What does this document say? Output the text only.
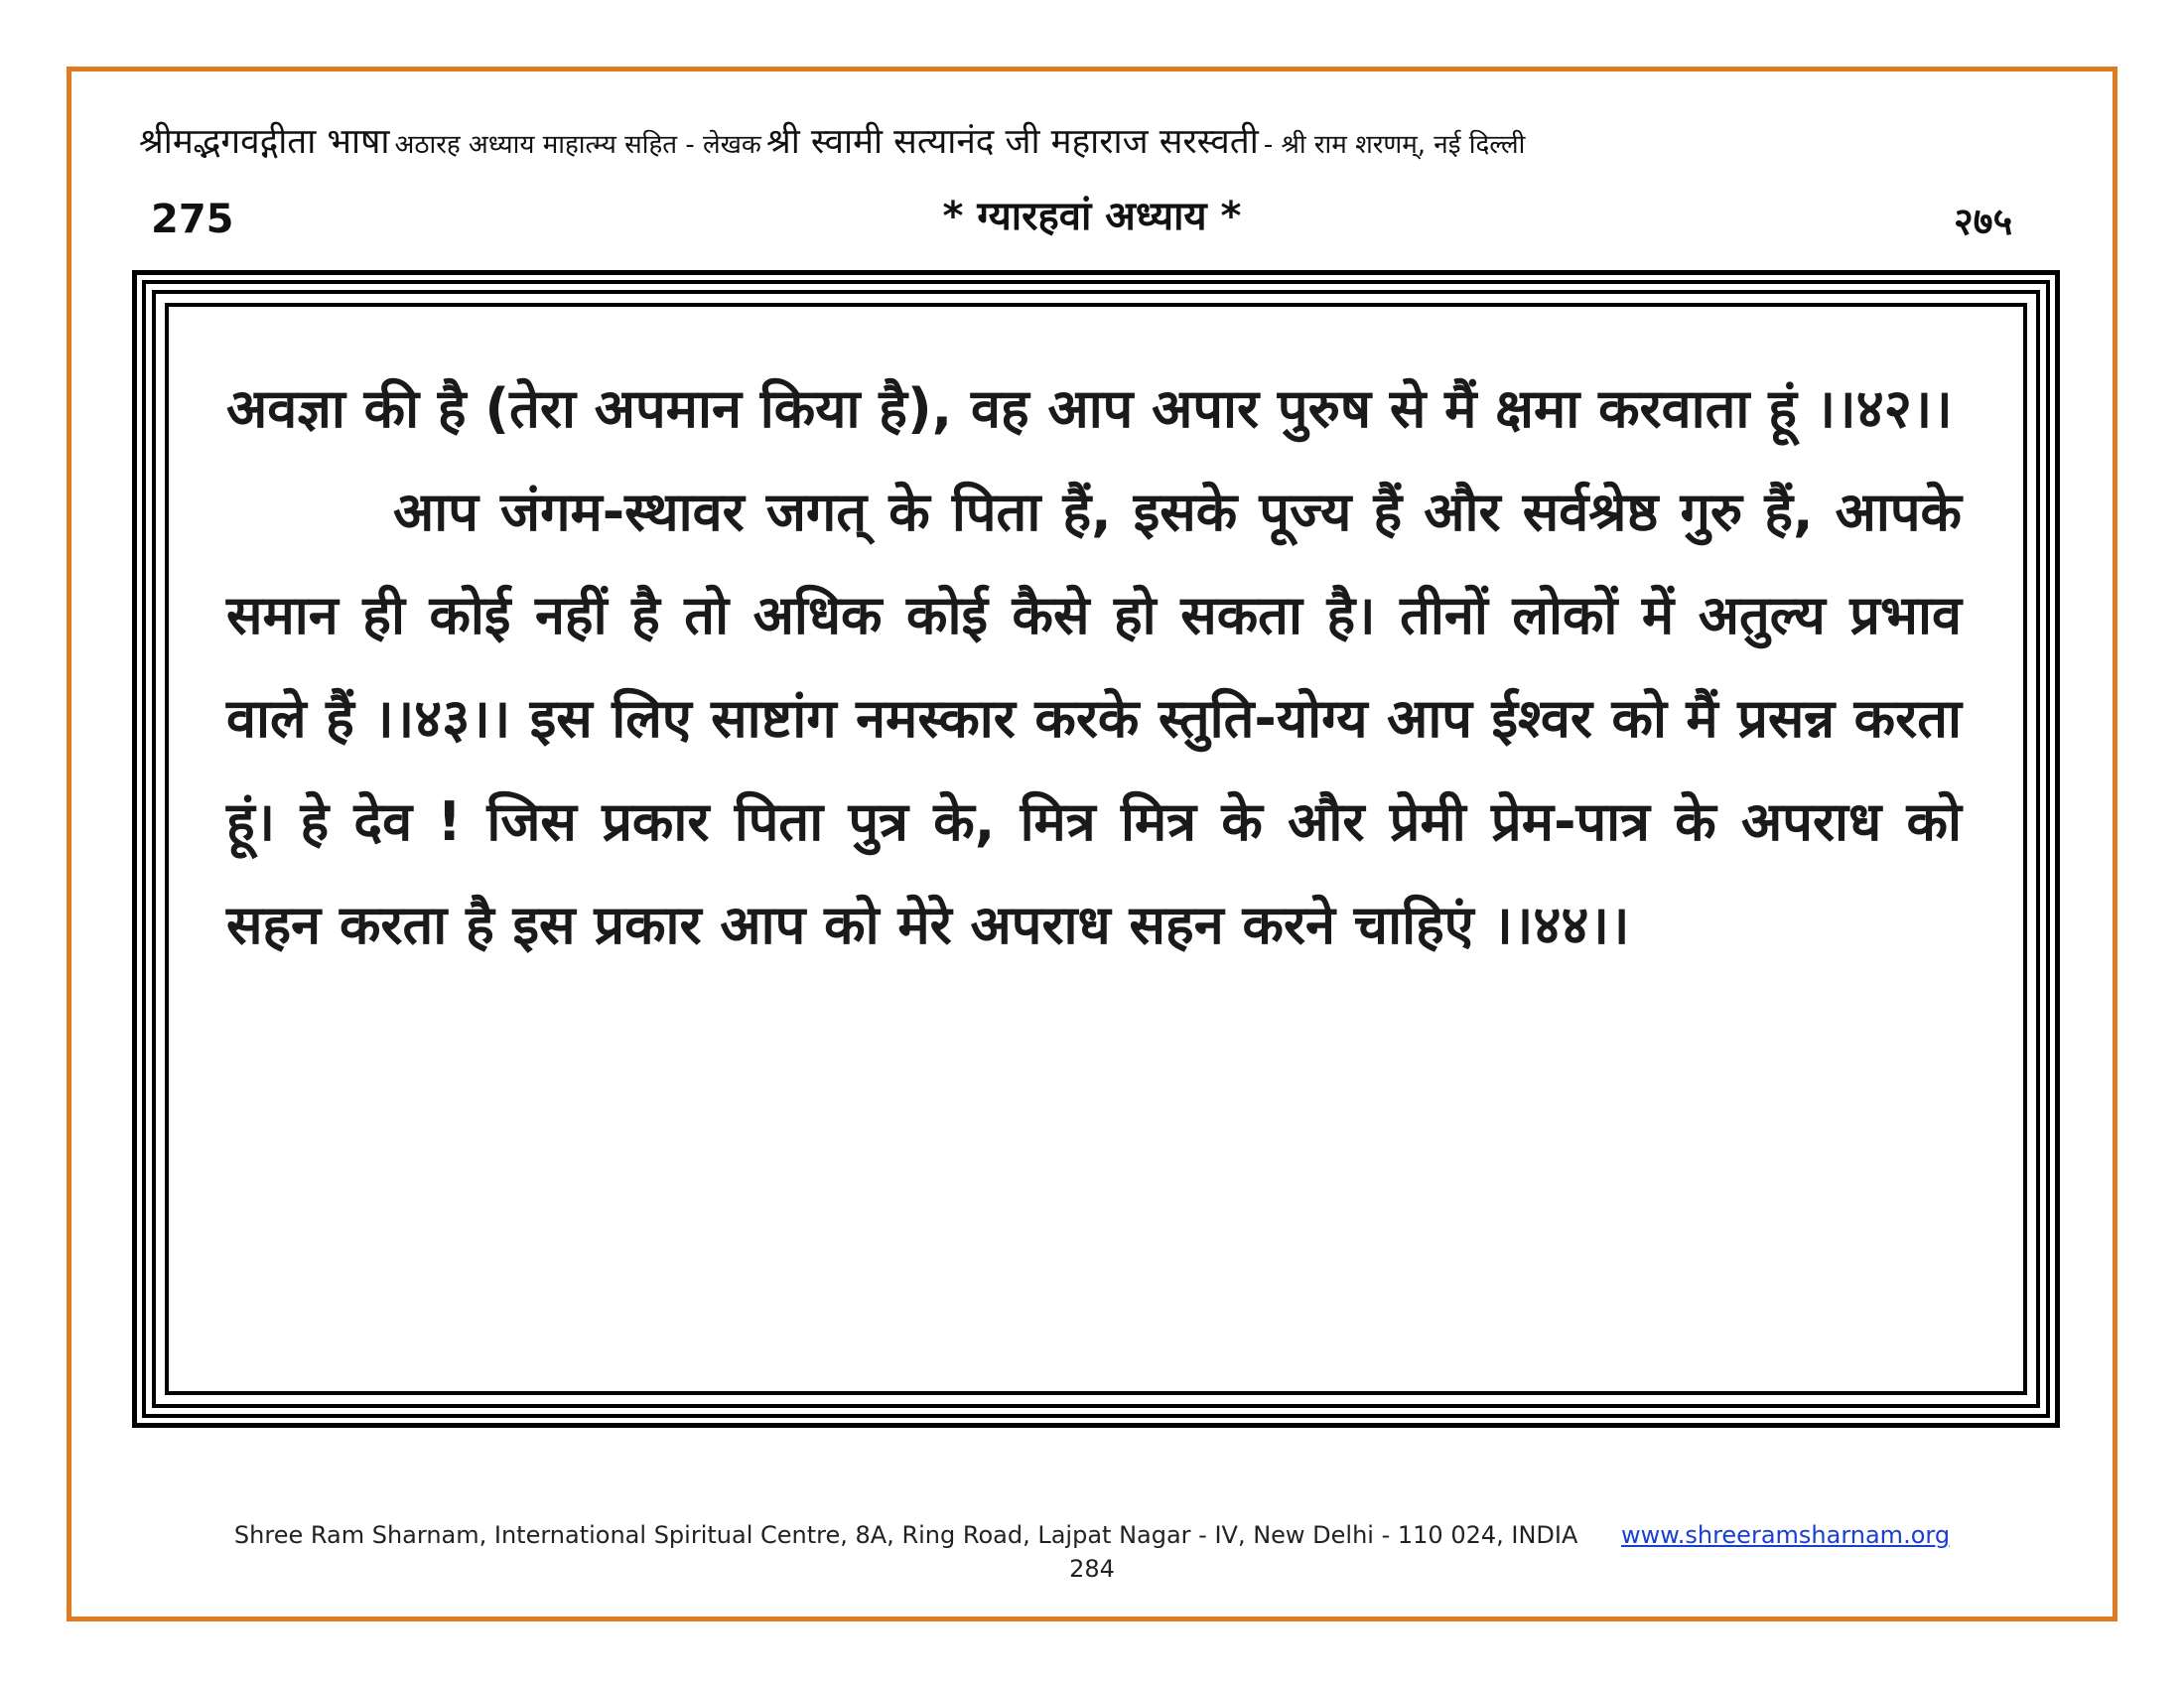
श्रीमद्भगवद्गीता भाषा अठारह अध्याय माहात्म्य सहित - लेखक श्री स्वामी सत्यानंद जी महाराज सरस्वती - श्री राम शरणम्, नई दिल्ली
275	* ग्यारहवां अध्याय *	२७५

अवज्ञा की है (तेरा अपमान किया है), वह आप अपार पुरुष से मैं क्षमा करवाता हूं ।।४२।।

आप जंगम-स्थावर जगत् के पिता हैं, इसके पूज्य हैं और सर्वश्रेष्ठ गुरु हैं, आपके समान ही कोई नहीं है तो अधिक कोई कैसे हो सकता है। तीनों लोकों में अतुल्य प्रभाव वाले हैं ।।४३।। इस लिए साष्टांग नमस्कार करके स्तुति-योग्य आप ईश्वर को मैं प्रसन्न करता हूं। हे देव ! जिस प्रकार पिता पुत्र के, मित्र मित्र के और प्रेमी प्रेम-पात्र के अपराध को सहन करता है इस प्रकार आप को मेरे अपराध सहन करने चाहिएं ।।४४।।

Shree Ram Sharnam, International Spiritual Centre, 8A, Ring Road, Lajpat Nagar - IV, New Delhi - 110 024, INDIA www.shreeramsharnam.org
284
